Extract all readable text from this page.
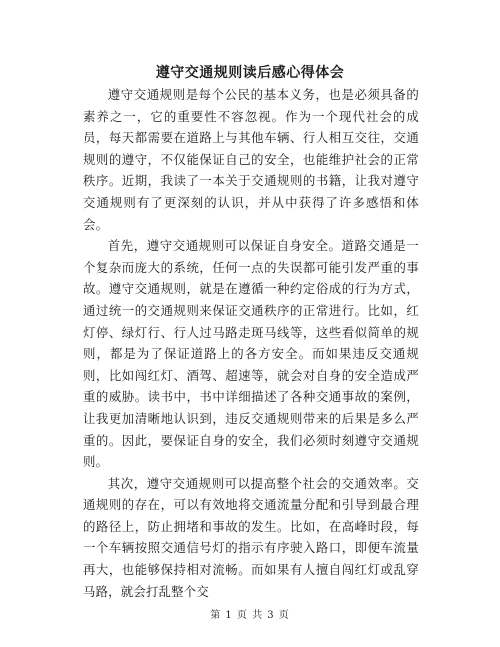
遵守交通规则读后感心得体会

遵守交通规则是每个公民的基本义务，也是必须具备的素养之一，它的重要性不容忽视。作为一个现代社会的成员，每天都需要在道路上与其他车辆、行人相互交往，交通规则的遵守，不仅能保证自己的安全，也能维护社会的正常秩序。近期，我读了一本关于交通规则的书籍，让我对遵守交通规则有了更深刻的认识，并从中获得了许多感悟和体会。

首先，遵守交通规则可以保证自身安全。道路交通是一个复杂而庞大的系统，任何一点的失误都可能引发严重的事故。遵守交通规则，就是在遵循一种约定俗成的行为方式，通过统一的交通规则来保证交通秩序的正常进行。比如，红灯停、绿灯行、行人过马路走斑马线等，这些看似简单的规则，都是为了保证道路上的各方安全。而如果违反交通规则，比如闯红灯、酒驾、超速等，就会对自身的安全造成严重的威胁。读书中，书中详细描述了各种交通事故的案例，让我更加清晰地认识到，违反交通规则带来的后果是多么严重的。因此，要保证自身的安全，我们必须时刻遵守交通规则。

其次，遵守交通规则可以提高整个社会的交通效率。交通规则的存在，可以有效地将交通流量分配和引导到最合理的路径上，防止拥堵和事故的发生。比如，在高峰时段，每一个车辆按照交通信号灯的指示有序驶入路口，即便车流量再大，也能够保持相对流畅。而如果有人擅自闯红灯或乱穿马路，就会打乱整个交

第 1 页 共 3 页
